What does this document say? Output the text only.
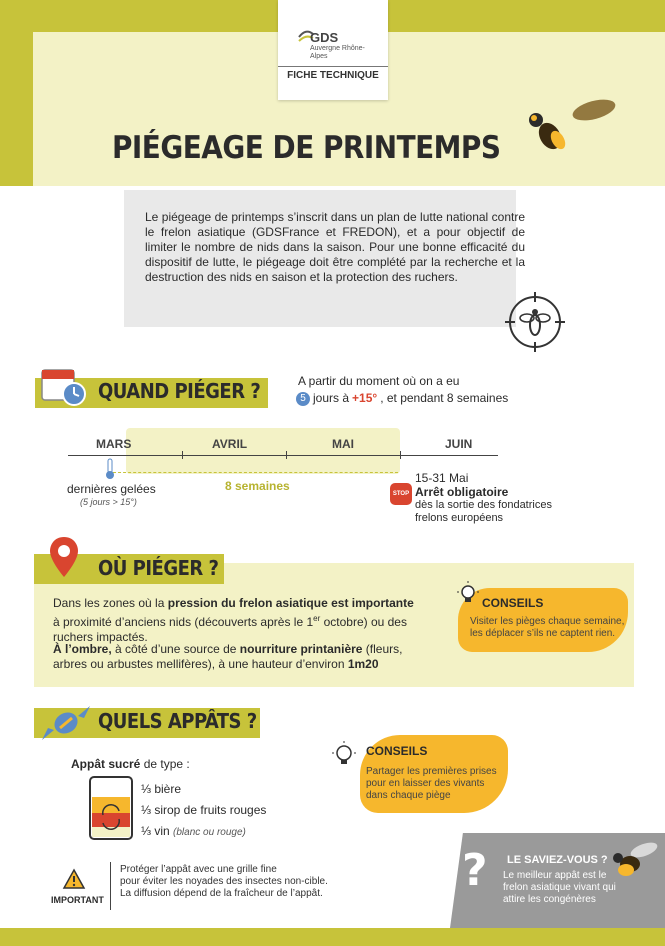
GDS
Auvergne Rhône-Alpes
FICHE TECHNIQUE
PIÉGEAGE DE PRINTEMPS
Le piégeage de printemps s’inscrit dans un plan de lutte national contre le frelon asiatique (GDSFrance et FREDON), et a pour objectif de limiter le nombre de nids dans la saison. Pour une bonne efficacité du dispositif de lutte, le piégeage doit être complété par la recherche et la destruction des nids en saison et la protection des ruchers.
QUAND PIÉGER ?	A partir du moment où on a eu
5 jours à +15° , et pendant 8 semaines
MARS	AVRIL	MAI	JUIN
dernières gelées
(5 jours > 15°)
8 semaines
STOP
15-31 Mai
Arrêt obligatoire
dès la sortie des fondatrices
frelons européens
OÙ PIÉGER ?
Dans les zones où la pression du frelon asiatique est importante
à proximité d’anciens nids (découverts après le 1er octobre) ou des ruchers impactés.
À l’ombre, à côté d’une source de nourriture printanière (fleurs, arbres ou arbustes mellifères), à une hauteur d’environ 1m20
CONSEILS
Visiter les pièges chaque semaine, les déplacer s’ils ne captent rien.
QUELS APPÂTS ?
Appât sucré de type :
⅓ bière
⅓ sirop de fruits rouges
⅓ vin (blanc ou rouge)
CONSEILS
Partager les premières prises pour en laisser des vivants dans chaque piège
IMPORTANT
Protéger l’appât avec une grille fine
pour éviter les noyades des insectes non-cible.
La diffusion dépend de la fraîcheur de l’appât.	? LE SAVIEZ-VOUS ?
Le meilleur appât est le frelon asiatique vivant qui attire les congénères
